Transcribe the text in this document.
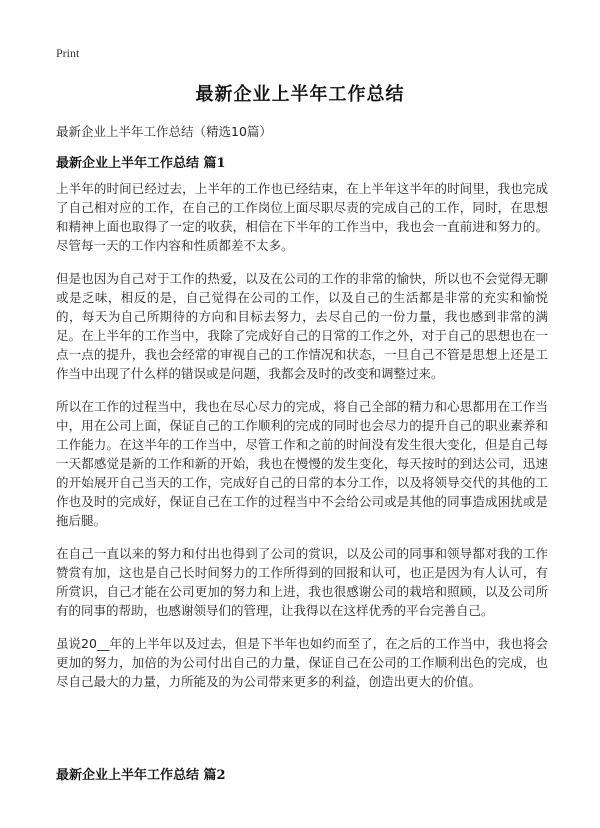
Print
最新企业上半年工作总结
最新企业上半年工作总结（精选10篇）
最新企业上半年工作总结 篇1

上半年的时间已经过去，上半年的工作也已经结束，在上半年这半年的时间里，我也完成了自己相对应的工作，在自己的工作岗位上面尽职尽责的完成自己的工作，同时，在思想和精神上面也取得了一定的收获，相信在下半年的工作当中，我也会一直前进和努力的。尽管每一天的工作内容和性质都差不太多。

但是也因为自己对于工作的热爱，以及在公司的工作的非常的愉快，所以也不会觉得无聊或是乏味，相反的是，自己觉得在公司的工作，以及自己的生活都是非常的充实和愉悦的，每天为自己所期待的方向和目标去努力，去尽自己的一份力量，我也感到非常的满足。在上半年的工作当中，我除了完成好自己的日常的工作之外，对于自己的思想也在一点一点的提升，我也会经常的审视自己的工作情况和状态，一旦自己不管是思想上还是工作当中出现了什么样的错误或是问题，我都会及时的改变和调整过来。

所以在工作的过程当中，我也在尽心尽力的完成，将自己全部的精力和心思都用在工作当中，用在公司上面，保证自己的工作顺利的完成的同时也会尽力的提升自己的职业素养和工作能力。在这半年的工作当中，尽管工作和之前的时间没有发生很大变化，但是自己每一天都感觉是新的工作和新的开始，我也在慢慢的发生变化，每天按时的到达公司，迅速的开始展开自己当天的工作，完成好自己的日常的本分工作，以及将领导交代的其他的工作也及时的完成好，保证自己在工作的过程当中不会给公司或是其他的同事造成困扰或是拖后腿。

在自己一直以来的努力和付出也得到了公司的赏识，以及公司的同事和领导都对我的工作赞赏有加，这也是自己长时间努力的工作所得到的回报和认可，也正是因为有人认可，有所赏识，自己才能在公司更加的努力和上进，我也很感谢公司的栽培和照顾，以及公司所有的同事的帮助，也感谢领导们的管理，让我得以在这样优秀的平台完善自己。

虽说20__年的上半年以及过去，但是下半年也如约而至了，在之后的工作当中，我也将会更加的努力，加倍的为公司付出自己的力量，保证自己在公司的工作顺利出色的完成，也尽自己最大的力量，力所能及的为公司带来更多的利益，创造出更大的价值。

最新企业上半年工作总结 篇2
